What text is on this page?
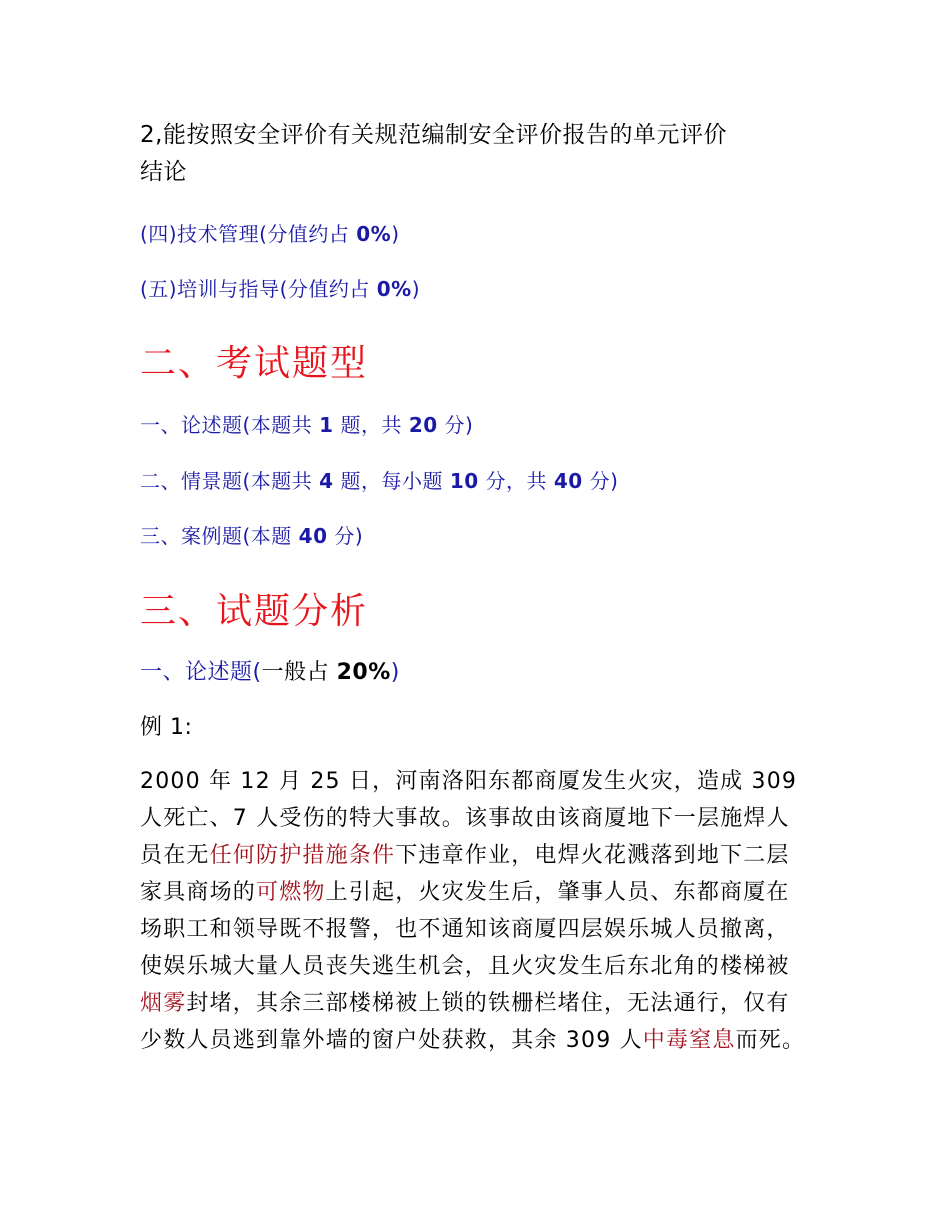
2,能按照安全评价有关规范编制安全评价报告的单元评价
结论
(四)技术管理(分值约占 0%)
(五)培训与指导(分值约占 0%)
二、考试题型
一、论述题(本题共 1 题，共 20 分)
二、情景题(本题共 4 题，每小题 10 分，共 40 分)
三、案例题(本题 40 分)
三、试题分析
一、论述题(一般占 20%)
例 1:
2000 年 12 月 25 日，河南洛阳东都商厦发生火灾，造成 309 人死亡、7 人受伤的特大事故。该事故由该商厦地下一层施焊人员在无任何防护措施条件下违章作业，电焊火花溅落到地下二层家具商场的可燃物上引起，火灾发生后，肇事人员、东都商厦在场职工和领导既不报警，也不通知该商厦四层娱乐城人员撤离，使娱乐城大量人员丧失逃生机会，且火灾发生后东北角的楼梯被烟雾封堵，其余三部楼梯被上锁的铁栅栏堵住，无法通行，仅有少数人员逃到靠外墙的窗户处获救，其余 309 人中毒窒息而死。
